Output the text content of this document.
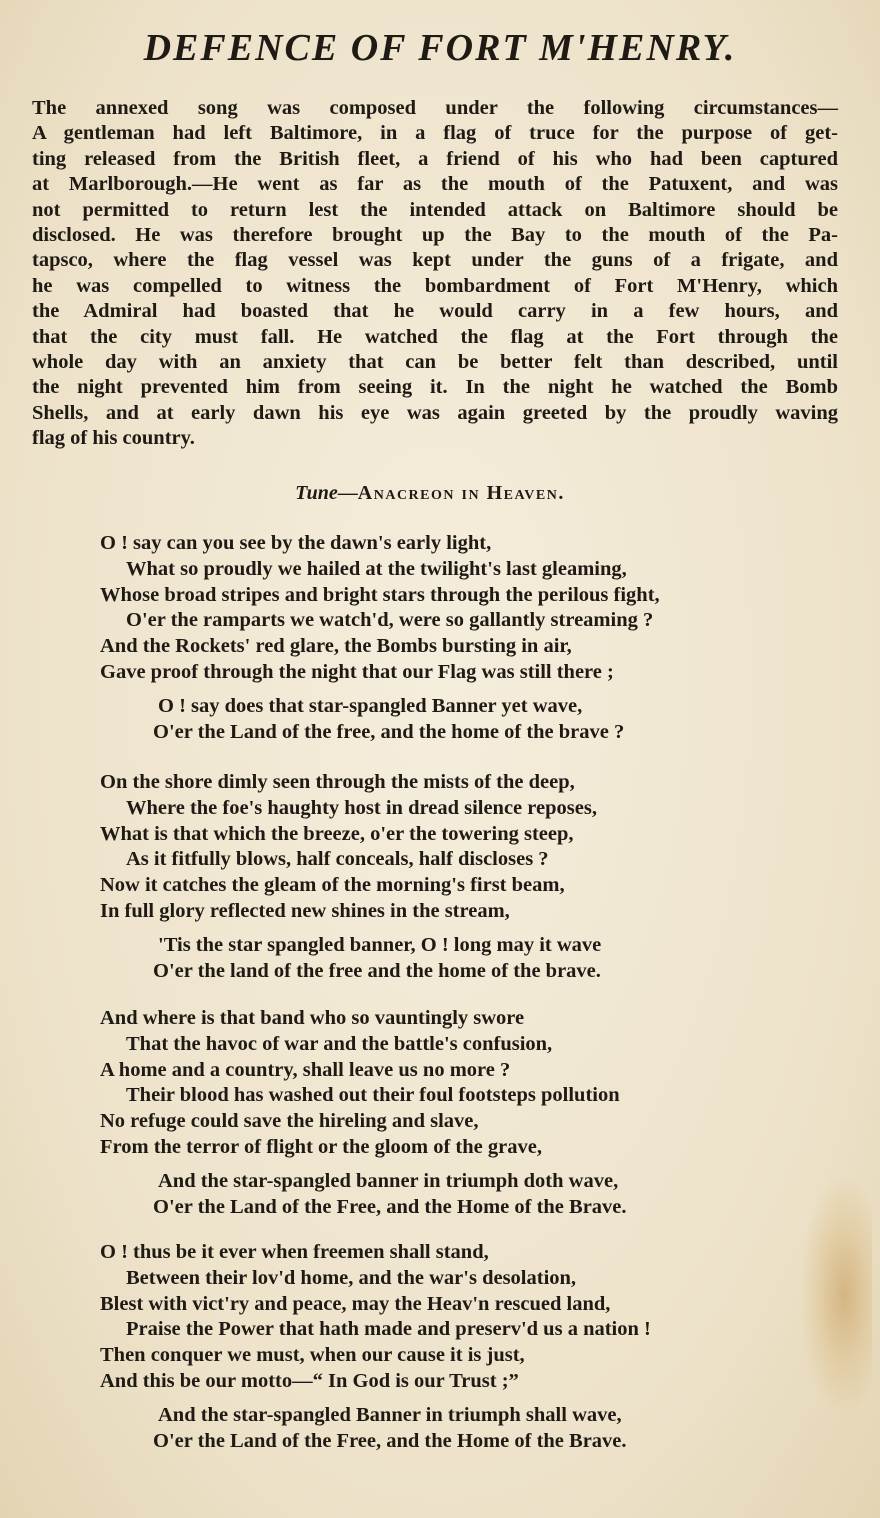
DEFENCE OF FORT M'HENRY.
The annexed song was composed under the following circumstances—
A gentleman had left Baltimore, in a flag of truce for the purpose of get-
ting released from the British fleet, a friend of his who had been captured
at Marlborough.—He went as far as the mouth of the Patuxent, and was
not permitted to return lest the intended attack on Baltimore should be
disclosed. He was therefore brought up the Bay to the mouth of the Pa-
tapsco, where the flag vessel was kept under the guns of a frigate, and
he was compelled to witness the bombardment of Fort M'Henry, which
the Admiral had boasted that he would carry in a few hours, and
that the city must fall. He watched the flag at the Fort through the
whole day with an anxiety that can be better felt than described, until
the night prevented him from seeing it. In the night he watched the Bomb
Shells, and at early dawn his eye was again greeted by the proudly waving
flag of his country.
Tune—Anacreon in Heaven.
O ! say can you see by the dawn's early light,
What so proudly we hailed at the twilight's last gleaming,
Whose broad stripes and bright stars through the perilous fight,
O'er the ramparts we watch'd, were so gallantly streaming ?
And the Rockets' red glare, the Bombs bursting in air,
Gave proof through the night that our Flag was still there ;
O ! say does that star-spangled Banner yet wave,
O'er the Land of the free, and the home of the brave ?
On the shore dimly seen through the mists of the deep,
Where the foe's haughty host in dread silence reposes,
What is that which the breeze, o'er the towering steep,
As it fitfully blows, half conceals, half discloses ?
Now it catches the gleam of the morning's first beam,
In full glory reflected new shines in the stream,
'Tis the star spangled banner, O ! long may it wave
O'er the land of the free and the home of the brave.
And where is that band who so vauntingly swore
That the havoc of war and the battle's confusion,
A home and a country, shall leave us no more ?
Their blood has washed out their foul footsteps pollution
No refuge could save the hireling and slave,
From the terror of flight or the gloom of the grave,
And the star-spangled banner in triumph doth wave,
O'er the Land of the Free, and the Home of the Brave.
O ! thus be it ever when freemen shall stand,
Between their lov'd home, and the war's desolation,
Blest with vict'ry and peace, may the Heav'n rescued land,
Praise the Power that hath made and preserv'd us a nation !
Then conquer we must, when our cause it is just,
And this be our motto—“ In God is our Trust ;”
And the star-spangled Banner in triumph shall wave,
O'er the Land of the Free, and the Home of the Brave.
